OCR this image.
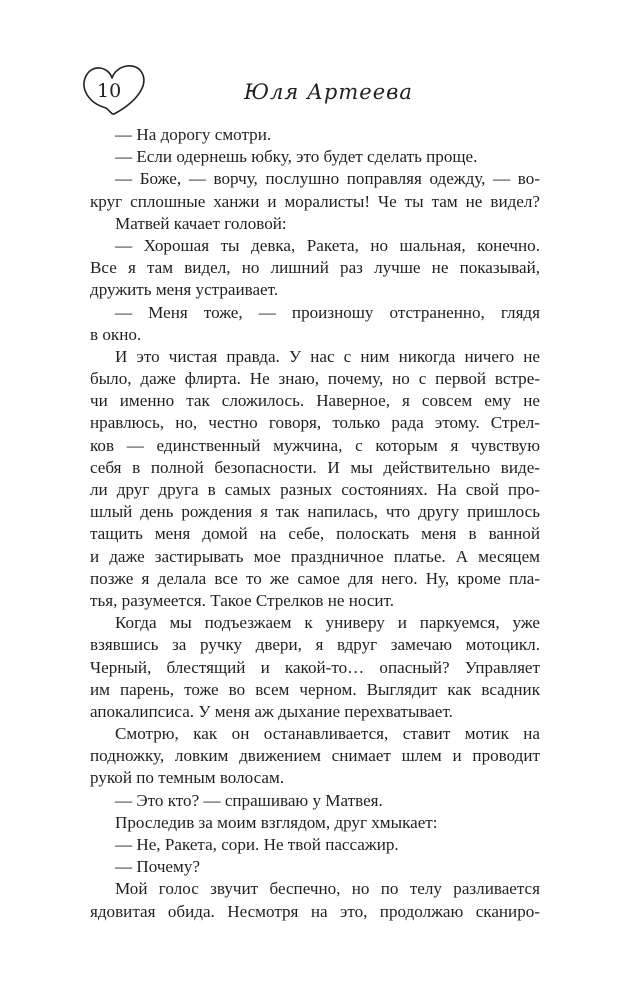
10	Юля Артеева
— На дорогу смотри.
— Если одернешь юбку, это будет сделать проще.
— Боже, — ворчу, послушно поправляя одежду, — во-
круг сплошные ханжи и моралисты! Че ты там не видел?
Матвей качает головой:
— Хорошая ты девка, Ракета, но шальная, конечно.
Все я там видел, но лишний раз лучше не показывай,
дружить меня устраивает.
— Меня тоже, — произношу отстраненно, глядя
в окно.
И это чистая правда. У нас с ним никогда ничего не
было, даже флирта. Не знаю, почему, но с первой встре-
чи именно так сложилось. Наверное, я совсем ему не
нравлюсь, но, честно говоря, только рада этому. Стрел-
ков — единственный мужчина, с которым я чувствую
себя в полной безопасности. И мы действительно виде-
ли друг друга в самых разных состояниях. На свой про-
шлый день рождения я так напилась, что другу пришлось
тащить меня домой на себе, полоскать меня в ванной
и даже застирывать мое праздничное платье. А месяцем
позже я делала все то же самое для него. Ну, кроме пла-
тья, разумеется. Такое Стрелков не носит.
Когда мы подъезжаем к универу и паркуемся, уже
взявшись за ручку двери, я вдруг замечаю мотоцикл.
Черный, блестящий и какой-то… опасный? Управляет
им парень, тоже во всем черном. Выглядит как всадник
апокалипсиса. У меня аж дыхание перехватывает.
Смотрю, как он останавливается, ставит мотик на
подножку, ловким движением снимает шлем и проводит
рукой по темным волосам.
— Это кто? — спрашиваю у Матвея.
Проследив за моим взглядом, друг хмыкает:
— Не, Ракета, сори. Не твой пассажир.
— Почему?
Мой голос звучит беспечно, но по телу разливается
ядовитая обида. Несмотря на это, продолжаю сканиро-
